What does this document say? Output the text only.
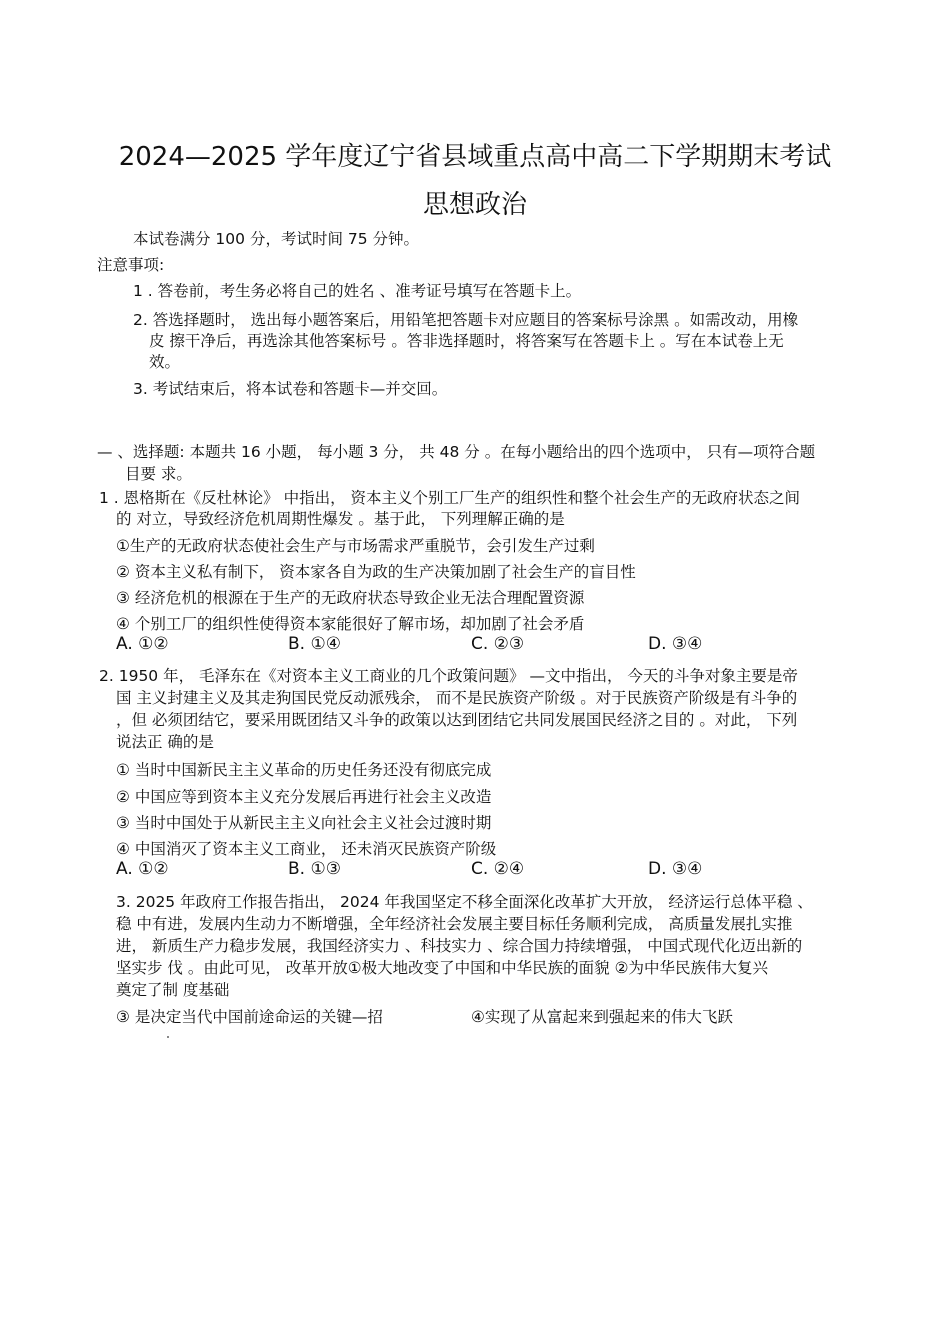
2024—2025 学年度辽宁省县域重点高中高二下学期期末考试
思想政治
本试卷满分 100 分，考试时间 75 分钟。
注意事项:
1 . 答卷前，考生务必将自己的姓名 、准考证号填写在答题卡上。
2. 答选择题时， 选出每小题答案后，用铅笔把答题卡对应题目的答案标号涂黑 。如需改动，用橡
皮 擦干净后，再选涂其他答案标号 。答非选择题时，将答案写在答题卡上 。写在本试卷上无
效。
3. 考试结束后，将本试卷和答题卡—并交回。
— 、选择题: 本题共 16 小题， 每小题 3 分， 共 48 分 。在每小题给出的四个选项中， 只有—项符合题
目要 求。
1 . 恩格斯在《反杜林论》 中指出， 资本主义个别工厂生产的组织性和整个社会生产的无政府状态之间
的 对立，导致经济危机周期性爆发 。基于此， 下列理解正确的是
①生产的无政府状态使社会生产与市场需求严重脱节，会引发生产过剩
② 资本主义私有制下， 资本家各自为政的生产决策加剧了社会生产的盲目性
③ 经济危机的根源在于生产的无政府状态导致企业无法合理配置资源
④ 个别工厂的组织性使得资本家能很好了解市场，却加剧了社会矛盾
A. ①②	B. ①④	C. ②③	D. ③④
2. 1950 年， 毛泽东在《对资本主义工商业的几个政策问题》 —文中指出， 今天的斗争对象主要是帝
国 主义封建主义及其走狗国民党反动派残余， 而不是民族资产阶级 。对于民族资产阶级是有斗争的
，但 必须团结它，要采用既团结又斗争的政策以达到团结它共同发展国民经济之目的 。对此， 下列
说法正 确的是
① 当时中国新民主主义革命的历史任务还没有彻底完成
② 中国应等到资本主义充分发展后再进行社会主义改造
③ 当时中国处于从新民主主义向社会主义社会过渡时期
④ 中国消灭了资本主义工商业， 还未消灭民族资产阶级
A. ①②	B. ①③	C. ②④	D. ③④
3. 2025 年政府工作报告指出， 2024 年我国坚定不移全面深化改革扩大开放， 经济运行总体平稳 、
稳 中有进，发展内生动力不断增强，全年经济社会发展主要目标任务顺利完成， 高质量发展扎实推
进， 新质生产力稳步发展，我国经济实力 、科技实力 、综合国力持续增强， 中国式现代化迈出新的
坚实步 伐 。由此可见， 改革开放①极大地改变了中国和中华民族的面貌 ②为中华民族伟大复兴
奠定了制 度基础
③ 是决定当代中国前途命运的关键—招	④实现了从富起来到强起来的伟大飞跃
